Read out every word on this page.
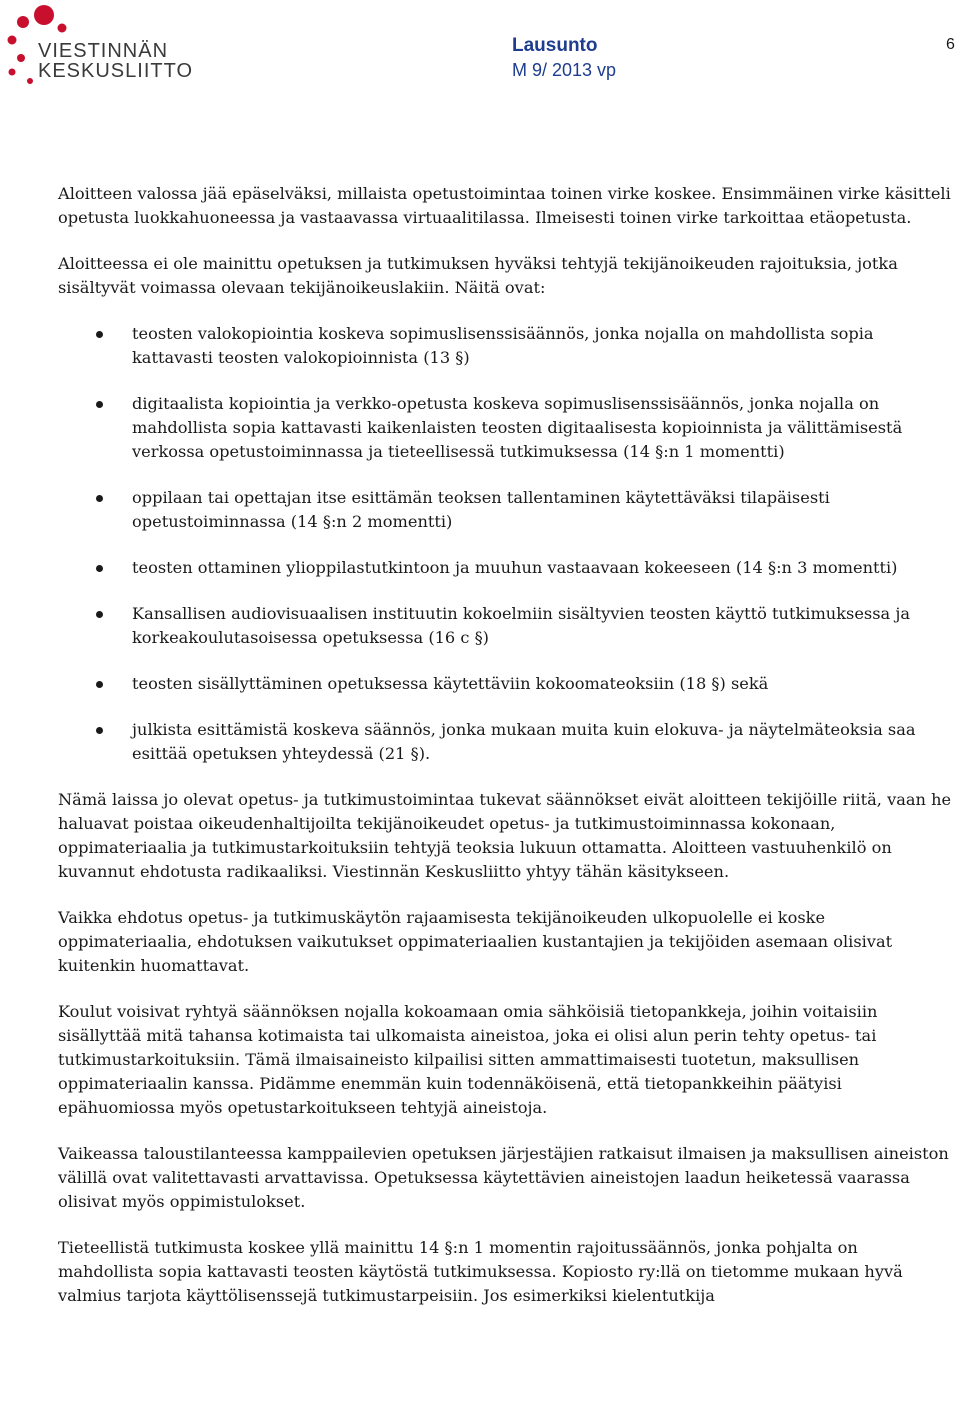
VIESTINNÄN
KESKUSLIITTO
Lausunto
M 9/ 2013 vp
6

Aloitteen valossa jää epäselväksi, millaista opetustoimintaa toinen virke koskee. Ensimmäinen virke käsitteli opetusta luokkahuoneessa ja vastaavassa virtuaalitilassa. Ilmeisesti toinen virke tarkoittaa etäopetusta.

Aloitteessa ei ole mainittu opetuksen ja tutkimuksen hyväksi tehtyjä tekijänoikeuden rajoituksia, jotka sisältyvät voimassa olevaan tekijänoikeuslakiin. Näitä ovat:

teosten valokopiointia koskeva sopimuslisenssisäännös, jonka nojalla on mahdollista sopia kattavasti teosten valokopioinnista (13 §)
digitaalista kopiointia ja verkko-opetusta koskeva sopimuslisenssisäännös, jonka nojalla on mahdollista sopia kattavasti kaikenlaisten teosten digitaalisesta kopioinnista ja välittämisestä verkossa opetustoiminnassa ja tieteellisessä tutkimuksessa (14 §:n 1 momentti)
oppilaan tai opettajan itse esittämän teoksen tallentaminen käytettäväksi tilapäisesti opetustoiminnassa (14 §:n 2 momentti)
teosten ottaminen ylioppilastutkintoon ja muuhun vastaavaan kokeeseen (14 §:n 3 momentti)
Kansallisen audiovisuaalisen instituutin kokoelmiin sisältyvien teosten käyttö tutkimuksessa ja korkeakoulutasoisessa opetuksessa (16 c §)
teosten sisällyttäminen opetuksessa käytettäviin kokoomateoksiin (18 §) sekä
julkista esittämistä koskeva säännös, jonka mukaan muita kuin elokuva- ja näytelmäteoksia saa esittää opetuksen yhteydessä (21 §).

Nämä laissa jo olevat opetus- ja tutkimustoimintaa tukevat säännökset eivät aloitteen tekijöille riitä, vaan he haluavat poistaa oikeudenhaltijoilta tekijänoikeudet opetus- ja tutkimustoiminnassa kokonaan, oppimateriaalia ja tutkimustarkoituksiin tehtyjä teoksia lukuun ottamatta. Aloitteen vastuuhenkilö on kuvannut ehdotusta radikaaliksi. Viestinnän Keskusliitto yhtyy tähän käsitykseen.

Vaikka ehdotus opetus- ja tutkimuskäytön rajaamisesta tekijänoikeuden ulkopuolelle ei koske oppimateriaalia, ehdotuksen vaikutukset oppimateriaalien kustantajien ja tekijöiden asemaan olisivat kuitenkin huomattavat.

Koulut voisivat ryhtyä säännöksen nojalla kokoamaan omia sähköisiä tietopankkeja, joihin voitaisiin sisällyttää mitä tahansa kotimaista tai ulkomaista aineistoa, joka ei olisi alun perin tehty opetus- tai tutkimustarkoituksiin. Tämä ilmaisaineisto kilpailisi sitten ammattimaisesti tuotetun, maksullisen oppimateriaalin kanssa. Pidämme enemmän kuin todennäköisenä, että tietopankkeihin päätyisi epähuomiossa myös opetustarkoitukseen tehtyjä aineistoja.

Vaikeassa taloustilanteessa kamppailevien opetuksen järjestäjien ratkaisut ilmaisen ja maksullisen aineiston välillä ovat valitettavasti arvattavissa. Opetuksessa käytettävien aineistojen laadun heiketessä vaarassa olisivat myös oppimistulokset.

Tieteellistä tutkimusta koskee yllä mainittu 14 §:n 1 momentin rajoitussäännös, jonka pohjalta on mahdollista sopia kattavasti teosten käytöstä tutkimuksessa. Kopiosto ry:llä on tietomme mukaan hyvä valmius tarjota käyttölisenssejä tutkimustarpeisiin. Jos esimerkiksi kielentutkija
